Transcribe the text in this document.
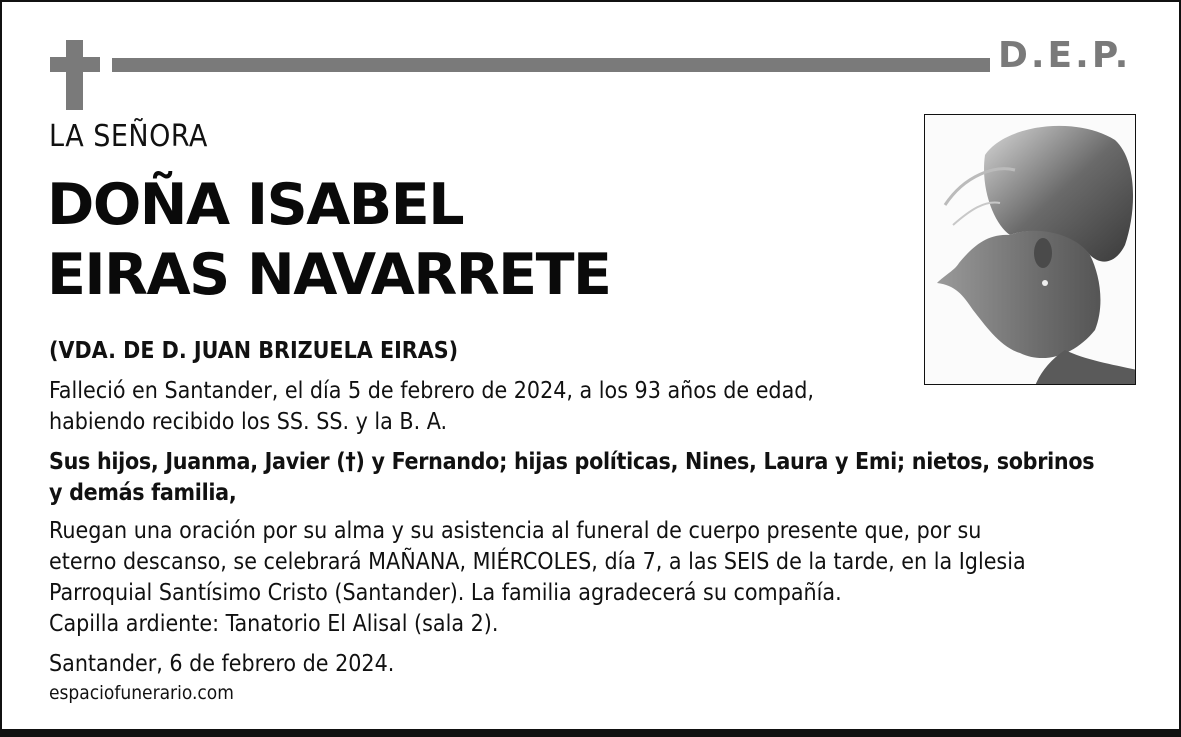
D.E.P.
LA SEÑORA
DOÑA ISABEL
EIRAS NAVARRETE
(VDA. DE D. JUAN BRIZUELA EIRAS)
Falleció en Santander, el día 5 de febrero de 2024, a los 93 años de edad,
habiendo recibido los SS. SS. y la B. A.
Sus hijos, Juanma, Javier (†) y Fernando; hijas políticas, Nines, Laura y Emi; nietos, sobrinos
y demás familia,
Ruegan una oración por su alma y su asistencia al funeral de cuerpo presente que, por su
eterno descanso, se celebrará MAÑANA, MIÉRCOLES, día 7, a las SEIS de la tarde, en la Iglesia
Parroquial Santísimo Cristo (Santander). La familia agradecerá su compañía.
Capilla ardiente: Tanatorio El Alisal (sala 2).
Santander, 6 de febrero de 2024.
espaciofunerario.com
